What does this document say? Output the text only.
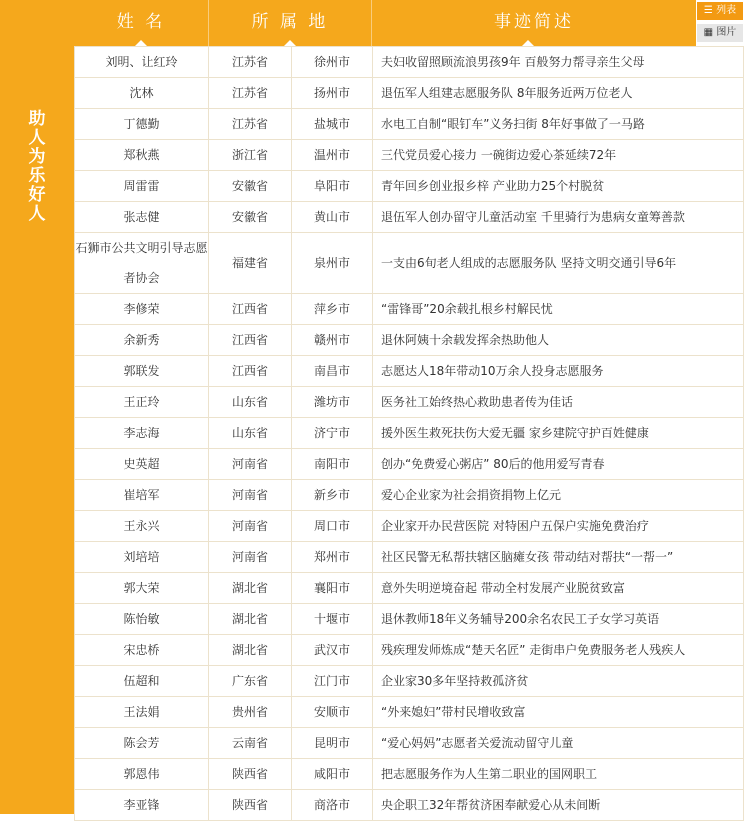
助人为乐好人
姓 名	所 属 地	事迹简述
☰ 列表
▦ 图片
刘明、让红玲	江苏省	徐州市	夫妇收留照顾流浪男孩9年 百般努力帮寻亲生父母
沈林	江苏省	扬州市	退伍军人组建志愿服务队 8年服务近两万位老人
丁德勤	江苏省	盐城市	水电工自制“眼钉车”义务扫街 8年好事做了一马路
郑秋燕	浙江省	温州市	三代党员爱心接力 一碗街边爱心茶延续72年
周雷雷	安徽省	阜阳市	青年回乡创业报乡梓 产业助力25个村脱贫
张志健	安徽省	黄山市	退伍军人创办留守儿童活动室 千里骑行为患病女童筹善款
石狮市公共文明引导志愿者协会	福建省	泉州市	一支由6旬老人组成的志愿服务队 坚持文明交通引导6年
李修荣	江西省	萍乡市	“雷锋哥”20余载扎根乡村解民忧
余新秀	江西省	赣州市	退休阿姨十余载发挥余热助他人
郭联发	江西省	南昌市	志愿达人18年带动10万余人投身志愿服务
王正玲	山东省	潍坊市	医务社工始终热心救助患者传为佳话
李志海	山东省	济宁市	援外医生救死扶伤大爱无疆 家乡建院守护百姓健康
史英超	河南省	南阳市	创办“免费爱心粥店” 80后的他用爱写青春
崔培军	河南省	新乡市	爱心企业家为社会捐资捐物上亿元
王永兴	河南省	周口市	企业家开办民营医院 对特困户五保户实施免费治疗
刘培培	河南省	郑州市	社区民警无私帮扶辖区脑瘫女孩 带动结对帮扶“一帮一”
郭大荣	湖北省	襄阳市	意外失明逆境奋起 带动全村发展产业脱贫致富
陈怡敏	湖北省	十堰市	退休教师18年义务辅导200余名农民工子女学习英语
宋忠桥	湖北省	武汉市	残疾理发师炼成“楚天名匠” 走街串户免费服务老人残疾人
伍超和	广东省	江门市	企业家30多年坚持救孤济贫
王法娟	贵州省	安顺市	“外来媳妇”带村民增收致富
陈会芳	云南省	昆明市	“爱心妈妈”志愿者关爱流动留守儿童
郭恩伟	陕西省	咸阳市	把志愿服务作为人生第二职业的国网职工
李亚锋	陕西省	商洛市	央企职工32年帮贫济困奉献爱心从未间断
